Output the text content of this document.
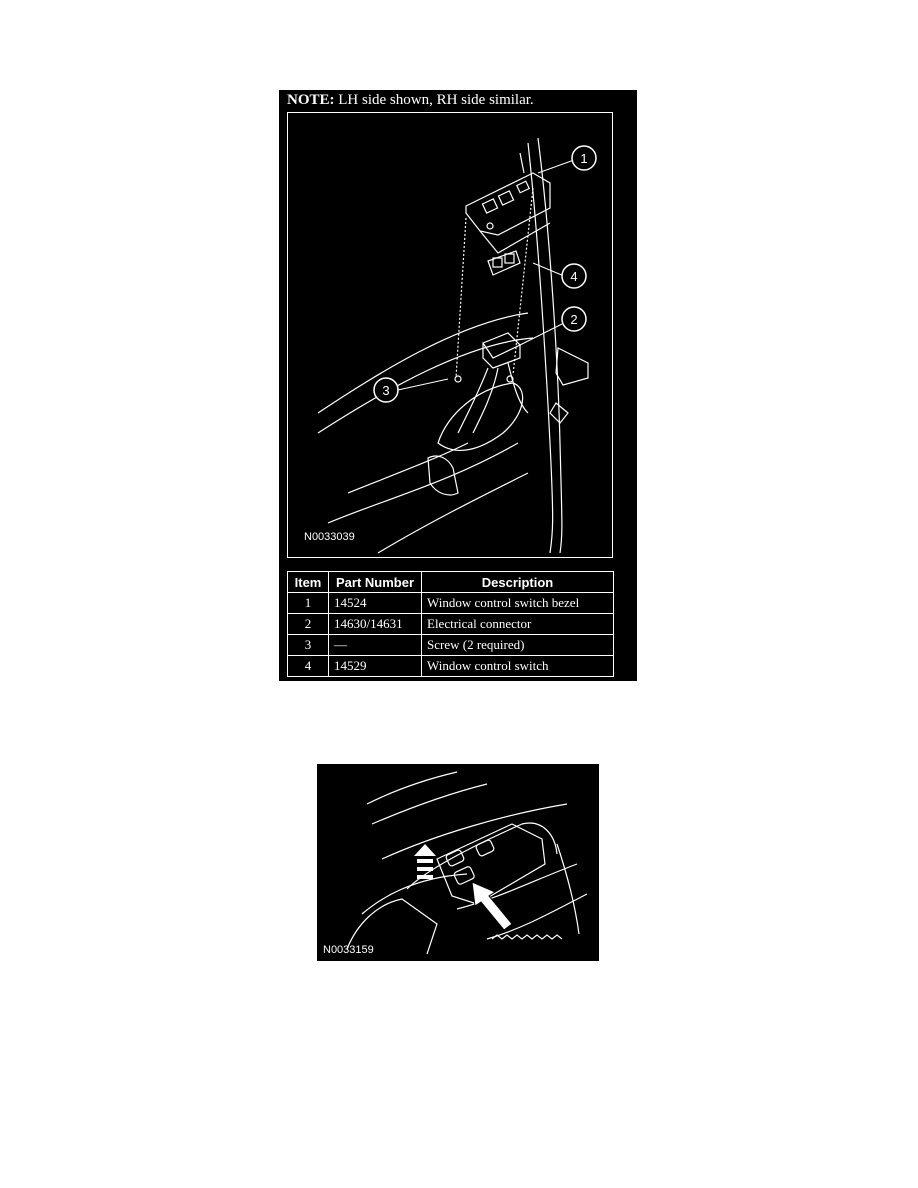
NOTE: LH side shown, RH side similar.
1
4
2
3
N0033039
Item	Part Number	Description
1	14524	Window control switch bezel
2	14630/14631	Electrical connector
3	—	Screw (2 required)
4	14529	Window control switch
N0033159
